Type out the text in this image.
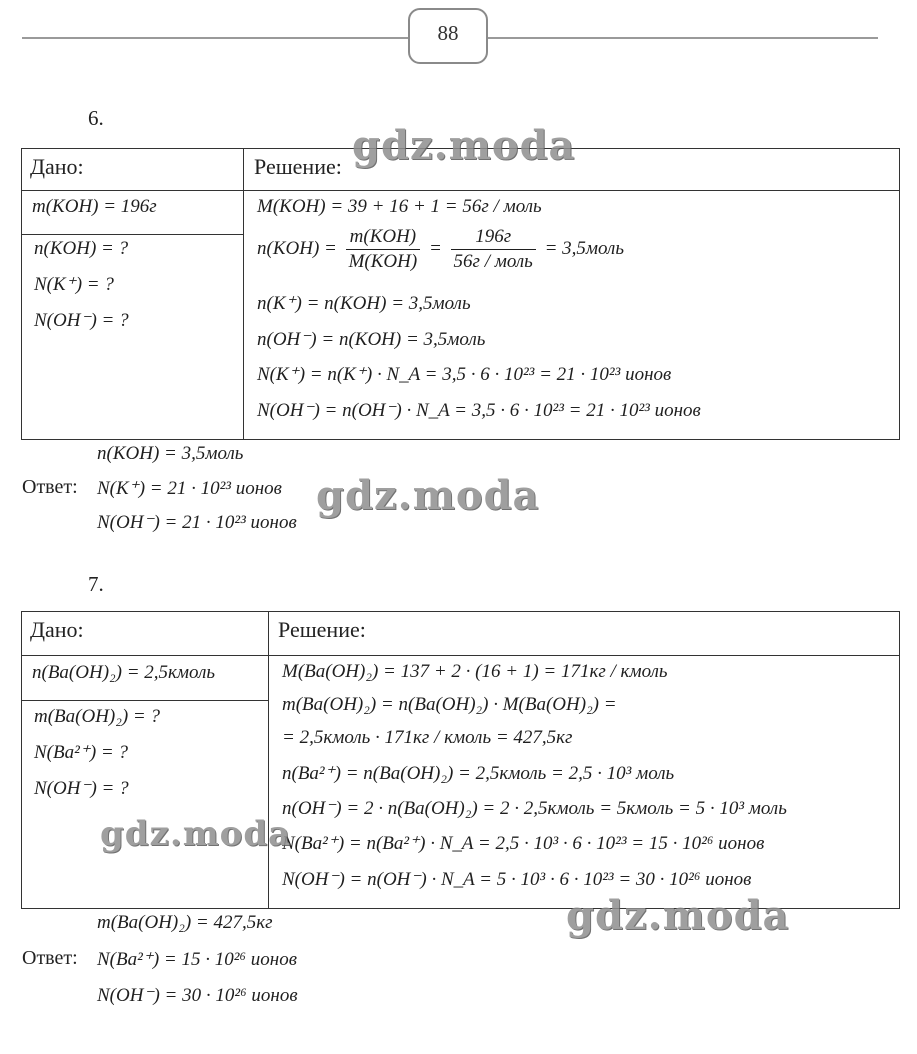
88
6.
Дано:	Решение:
m(KOH) = 196г
n(KOH) = ?
N(K⁺) = ?
N(OH⁻) = ?
M(KOH) = 39 + 16 + 1 = 56г / моль
$n(KOH) = \frac{\text{m(KOH)}}{\text{M(KOH)}} = \frac{196г}{\text{56г / моль}}$ = 3,5моль
n(K⁺) = n(KOH) = 3,5моль
n(OH⁻) = n(KOH) = 3,5моль
N(K⁺) = n(K⁺) · N_A = 3,5 · 6 · 10²³ = 21 · 10²³ ионов
N(OH⁻) = n(OH⁻) · N_A = 3,5 · 6 · 10²³ = 21 · 10²³ ионов
Ответ:
n(KOH) = 3,5моль
N(K⁺) = 21 · 10²³ ионов
N(OH⁻) = 21 · 10²³ ионов
7.
Дано:	Решение:
n(Ba(OH)₂) = 2,5кмоль
m(Ba(OH)₂) = ?
N(Ba²⁺) = ?
N(OH⁻) = ?
M(Ba(OH)₂) = 137 + 2 · (16 + 1) = 171кг / кмоль
m(Ba(OH)₂) = n(Ba(OH)₂) · M(Ba(OH)₂) =
= 2,5кмоль · 171кг / кмоль = 427,5кг
n(Ba²⁺) = n(Ba(OH)₂) = 2,5кмоль = 2,5 · 10³ моль
n(OH⁻) = 2 · n(Ba(OH)₂) = 2 · 2,5кмоль = 5кмоль = 5 · 10³ моль
N(Ba²⁺) = n(Ba²⁺) · N_A = 2,5 · 10³ · 6 · 10²³ = 15 · 10²⁶ ионов
N(OH⁻) = n(OH⁻) · N_A = 5 · 10³ · 6 · 10²³ = 30 · 10²⁶ ионов
Ответ:
m(Ba(OH)₂) = 427,5кг
N(Ba²⁺) = 15 · 10²⁶ ионов
N(OH⁻) = 30 · 10²⁶ ионов
gdz.moda
gdz.moda
gdz.moda
gdz.moda
